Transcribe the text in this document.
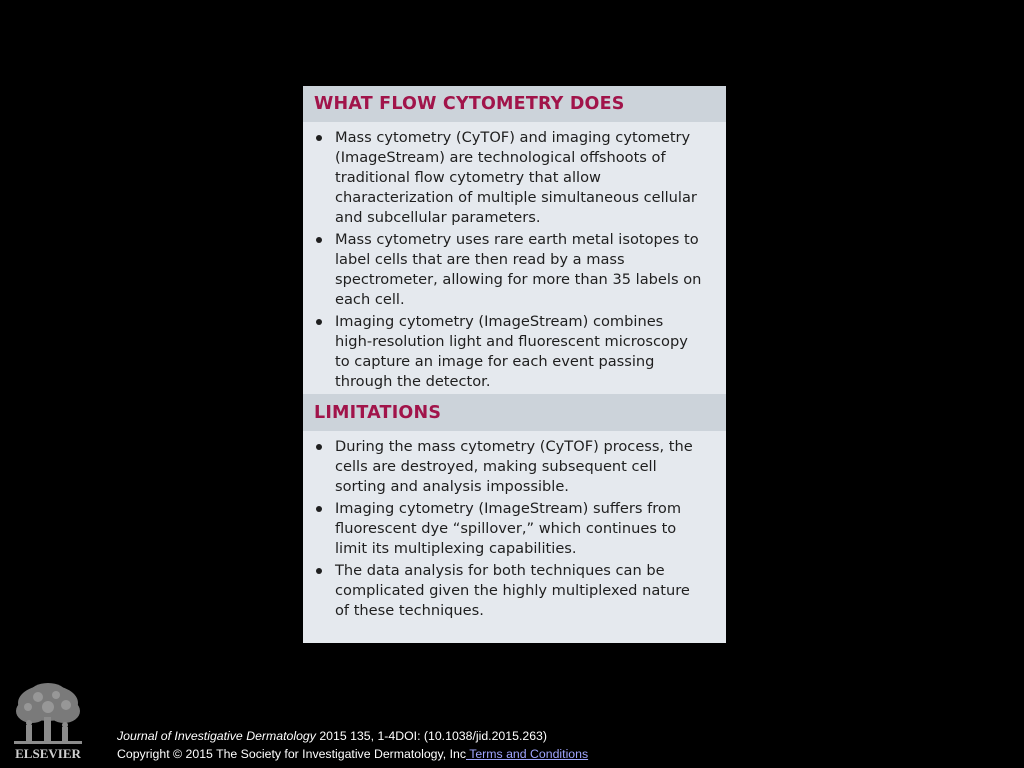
WHAT FLOW CYTOMETRY DOES
Mass cytometry (CyTOF) and imaging cytometry (ImageStream) are technological offshoots of traditional flow cytometry that allow characterization of multiple simultaneous cellular and subcellular parameters.
Mass cytometry uses rare earth metal isotopes to label cells that are then read by a mass spectrometer, allowing for more than 35 labels on each cell.
Imaging cytometry (ImageStream) combines high-resolution light and fluorescent microscopy to capture an image for each event passing through the detector.
LIMITATIONS
During the mass cytometry (CyTOF) process, the cells are destroyed, making subsequent cell sorting and analysis impossible.
Imaging cytometry (ImageStream) suffers from fluorescent dye “spillover,” which continues to limit its multiplexing capabilities.
The data analysis for both techniques can be complicated given the highly multiplexed nature of these techniques.
ELSEVIER
Journal of Investigative Dermatology 2015 135, 1-4DOI: (10.1038/jid.2015.263)
Copyright © 2015 The Society for Investigative Dermatology, Inc Terms and Conditions
